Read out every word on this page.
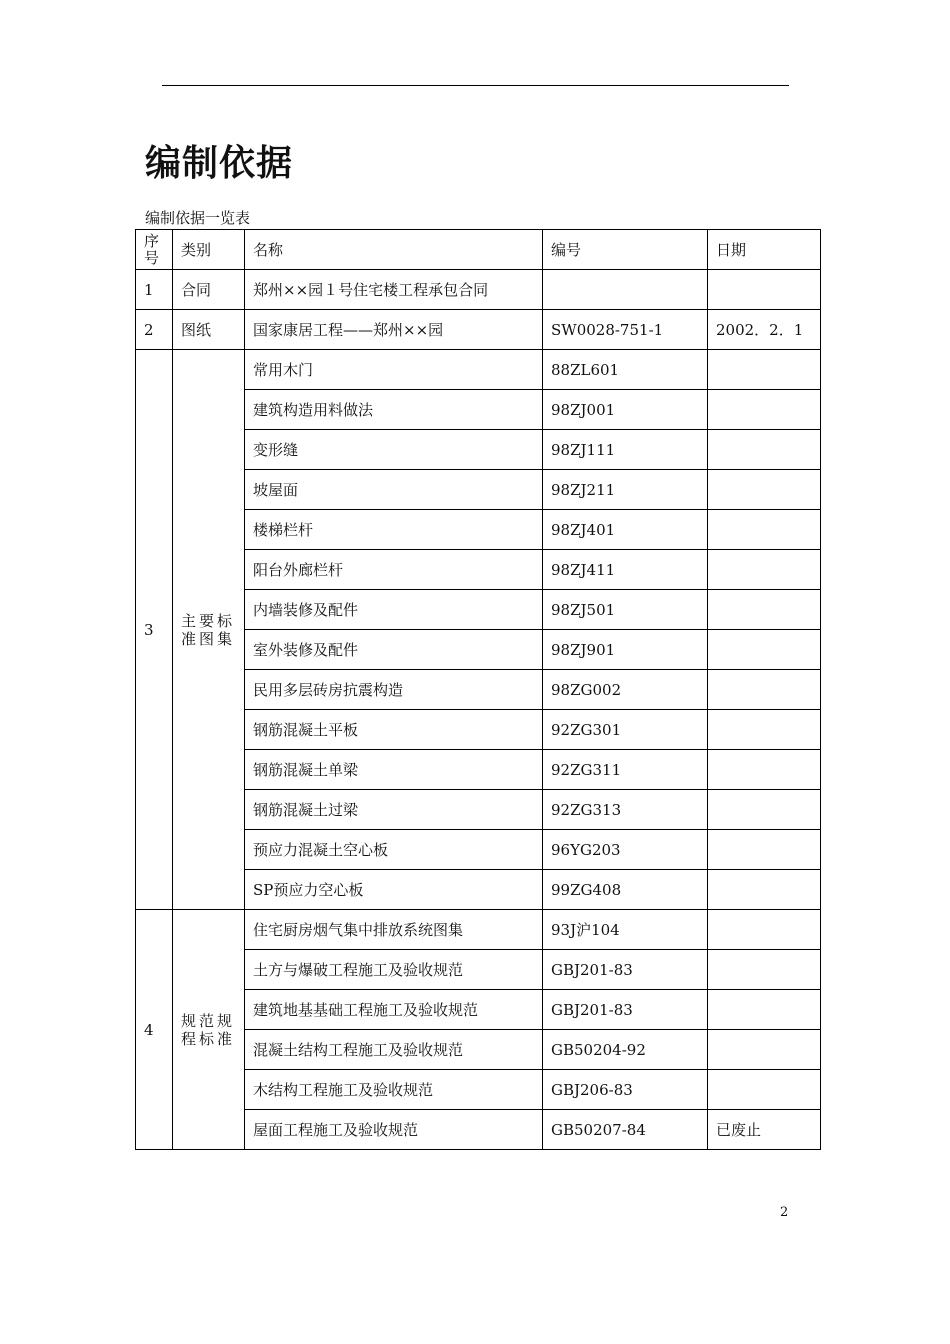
编制依据
编制依据一览表
序号	类别	名称	编号	日期
1	合同	郑州××园１号住宅楼工程承包合同		
2	图纸	国家康居工程——郑州××园	SW0028-751-1	2002．2．1
3	主要标准图集	常用木门	88ZL601	
		建筑构造用料做法	98ZJ001	
		变形缝	98ZJ111	
		坡屋面	98ZJ211	
		楼梯栏杆	98ZJ401	
		阳台外廊栏杆	98ZJ411	
		内墙装修及配件	98ZJ501	
		室外装修及配件	98ZJ901	
		民用多层砖房抗震构造	98ZG002	
		钢筋混凝土平板	92ZG301	
		钢筋混凝土单梁	92ZG311	
		钢筋混凝土过梁	92ZG313	
		预应力混凝土空心板	96YG203	
		SP预应力空心板	99ZG408	
4	规范规程标准	住宅厨房烟气集中排放系统图集	93J沪104	
		土方与爆破工程施工及验收规范	GBJ201-83	
		建筑地基基础工程施工及验收规范	GBJ201-83	
		混凝土结构工程施工及验收规范	GB50204-92	
		木结构工程施工及验收规范	GBJ206-83	
		屋面工程施工及验收规范	GB50207-84	已废止
2
